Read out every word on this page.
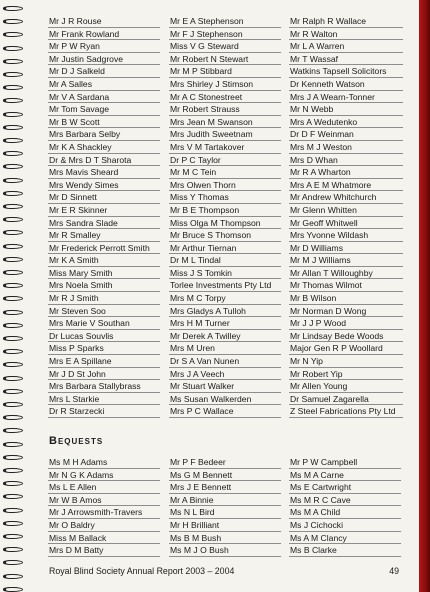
Mr J R Rouse
Mr Frank Rowland
Mr P W Ryan
Mr Justin Sadgrove
Mr D J Salkeld
Mr A Salles
Mr V A Sardana
Mr Tom Savage
Mr B W Scott
Mrs Barbara Selby
Mr K A Shackley
Dr & Mrs D T Sharota
Mrs Mavis Sheard
Mrs Wendy Simes
Mr D Sinnett
Mr E R Skinner
Mrs Sandra Slade
Mr R Smalley
Mr Frederick Perrott Smith
Mr K A Smith
Miss Mary Smith
Mrs Noela Smith
Mr R J Smith
Mr Steven Soo
Mrs Marie V Southan
Dr Lucas Souvlis
Miss P Sparks
Mrs E A Spillane
Mr J D St John
Mrs Barbara Stallybrass
Mrs L Starkie
Dr R Starzecki
Mr E A Stephenson
Mr F J Stephenson
Miss V G Steward
Mr Robert N Stewart
Mr M P Stibbard
Mrs Shirley J Stimson
Mr A C Stonestreet
Mr Robert Strauss
Mrs Jean M Swanson
Mrs Judith Sweetnam
Mrs V M Tartakover
Dr P C Taylor
Mr M C Tein
Mrs Olwen Thorn
Miss Y Thomas
Mr B E Thompson
Miss Olga M Thompson
Mr Bruce S Thomson
Mr Arthur Tiernan
Dr M L Tindal
Miss J S Tomkin
Torlee Investments Pty Ltd
Mrs M C Torpy
Mrs Gladys A Tulloh
Mrs H M Turner
Mr Derek A Twilley
Mrs M Uren
Dr S A Van Nunen
Mrs J A Veech
Mr Stuart Walker
Ms Susan Walkerden
Mrs P C Wallace
Mr Ralph R Wallace
Mr R Walton
Mr L A Warren
Mr T Wassaf
Watkins Tapsell Solicitors
Dr Kenneth Watson
Mrs J A Wearn-Tonner
Mr N Webb
Mrs A Wedutenko
Dr D F Weinman
Mrs M J Weston
Mrs D Whan
Mr R A Wharton
Mrs A E M Whatmore
Mr Andrew Whitchurch
Mr Glenn Whitten
Mr Geoff Whitwell
Mrs Yvonne Wildash
Mr D Williams
Mr M J Williams
Mr Allan T Willoughby
Mr Thomas Wilmot
Mr B Wilson
Mr Norman D Wong
Mr J J P Wood
Mr Lindsay Bede Woods
Major Gen R P Woollard
Mr N Yip
Mr Robert Yip
Mr Allen Young
Dr Samuel Zagarella
Z Steel Fabrications Pty Ltd
Bequests
Ms M H Adams
Mr N G K Adams
Ms L E Allen
Mr W B Amos
Mr J Arrowsmith-Travers
Mr O Baldry
Miss M Ballack
Mrs D M Batty
Mr P F Bedeer
Ms G M Bennett
Mrs J E Bennett
Mr A Binnie
Ms N L Bird
Mr H Brilliant
Ms B M Bush
Ms M J O Bush
Mr P W Campbell
Ms M A Carne
Ms E Cartwright
Ms M R C Cave
Ms M A Child
Ms J Cichocki
Ms A M Clancy
Ms B Clarke
Royal Blind Society Annual Report 2003 – 2004	49
